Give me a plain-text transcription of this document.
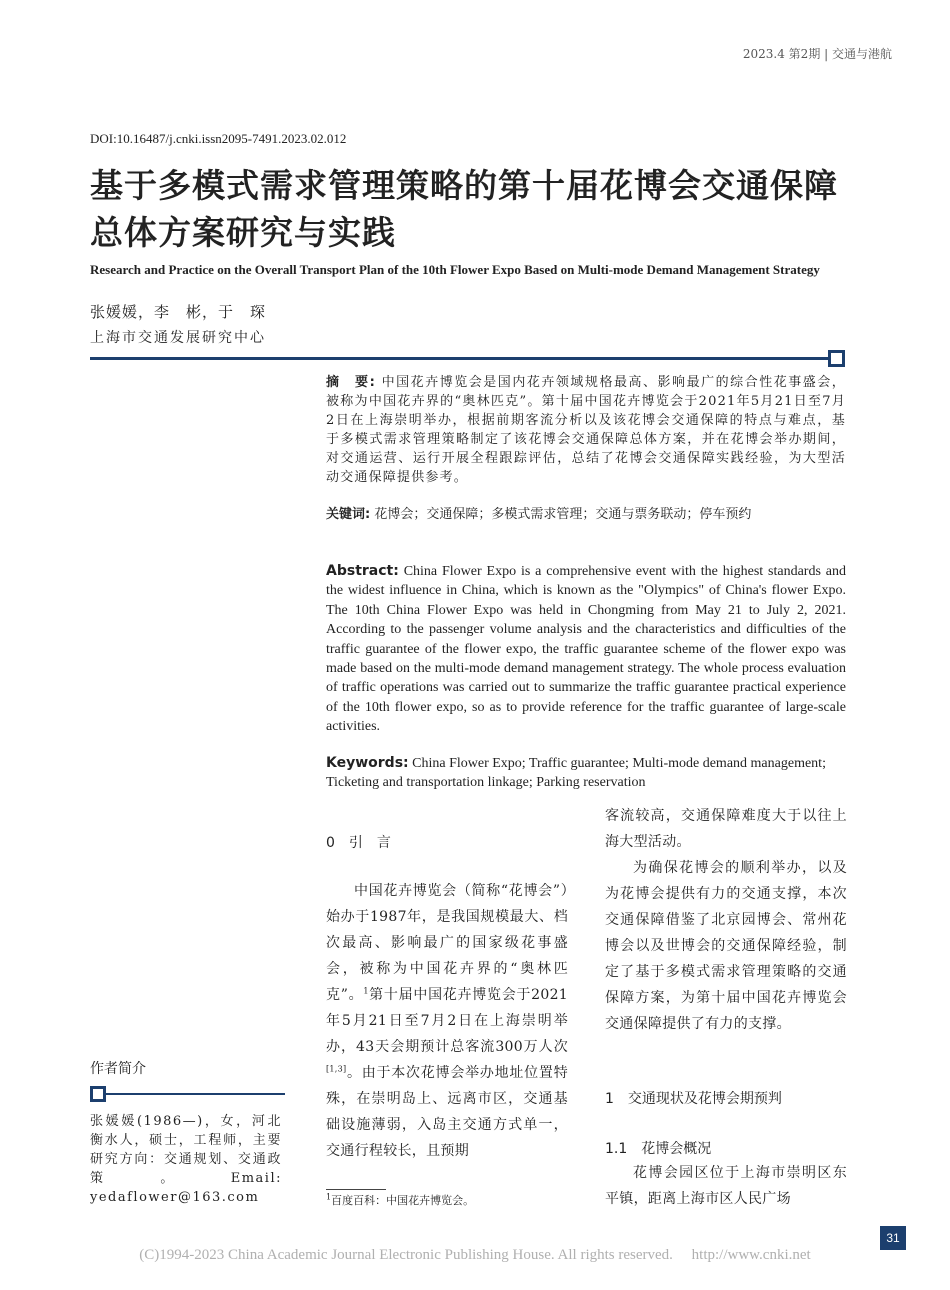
2023.4 第2期 | 交通与港航
DOI:10.16487/j.cnki.issn2095-7491.2023.02.012
基于多模式需求管理策略的第十届花博会交通保障总体方案研究与实践
Research and Practice on the Overall Transport Plan of the 10th Flower Expo Based on Multi-mode Demand Management Strategy
张媛媛，李　彬，于　琛
上海市交通发展研究中心
摘　要: 中国花卉博览会是国内花卉领域规格最高、影响最广的综合性花事盛会，被称为中国花卉界的“奥林匹克”。第十届中国花卉博览会于2021年5月21日至7月2日在上海崇明举办，根据前期客流分析以及该花博会交通保障的特点与难点，基于多模式需求管理策略制定了该花博会交通保障总体方案，并在花博会举办期间，对交通运营、运行开展全程跟踪评估，总结了花博会交通保障实践经验，为大型活动交通保障提供参考。
关键词: 花博会；交通保障；多模式需求管理；交通与票务联动；停车预约
Abstract: China Flower Expo is a comprehensive event with the highest standards and the widest influence in China, which is known as the "Olympics" of China's flower Expo. The 10th China Flower Expo was held in Chongming from May 21 to July 2, 2021. According to the passenger volume analysis and the characteristics and difficulties of the traffic guarantee of the flower expo, the traffic guarantee scheme of the flower expo was made based on the multi-mode demand management strategy. The whole process evaluation of traffic operations was carried out to summarize the traffic guarantee practical experience of the 10th flower expo, so as to provide reference for the traffic guarantee of large-scale activities.
Keywords: China Flower Expo; Traffic guarantee; Multi-mode demand management; Ticketing and transportation linkage; Parking reservation
0　引　言
中国花卉博览会（简称“花博会”）始办于1987年，是我国规模最大、档次最高、影响最广的国家级花事盛会，被称为中国花卉界的“奥林匹克”。$^1$第十届中国花卉博览会于2021年5月21日至7月2日在上海崇明举办，43天会期预计总客流300万人次[1,3]。由于本次花博会举办地址位置特殊，在崇明岛上、远离市区，交通基础设施薄弱，入岛主交通方式单一，交通行程较长，且预期
$^1$百度百科：中国花卉博览会。
客流较高，交通保障难度大于以往上海大型活动。
为确保花博会的顺利举办，以及为花博会提供有力的交通支撑，本次交通保障借鉴了北京园博会、常州花博会以及世博会的交通保障经验，制定了基于多模式需求管理策略的交通保障方案，为第十届中国花卉博览会交通保障提供了有力的支撑。
1　交通现状及花博会期预判
1.1　花博会概况
花博会园区位于上海市崇明区东平镇，距离上海市区人民广场
作者简介
张媛媛(1986—)，女，河北衡水人，硕士，工程师，主要研究方向：交通规划、交通政策。Email: yedaflower@163.com
31
(C)1994-2023 China Academic Journal Electronic Publishing House. All rights reserved.　 http://www.cnki.net
